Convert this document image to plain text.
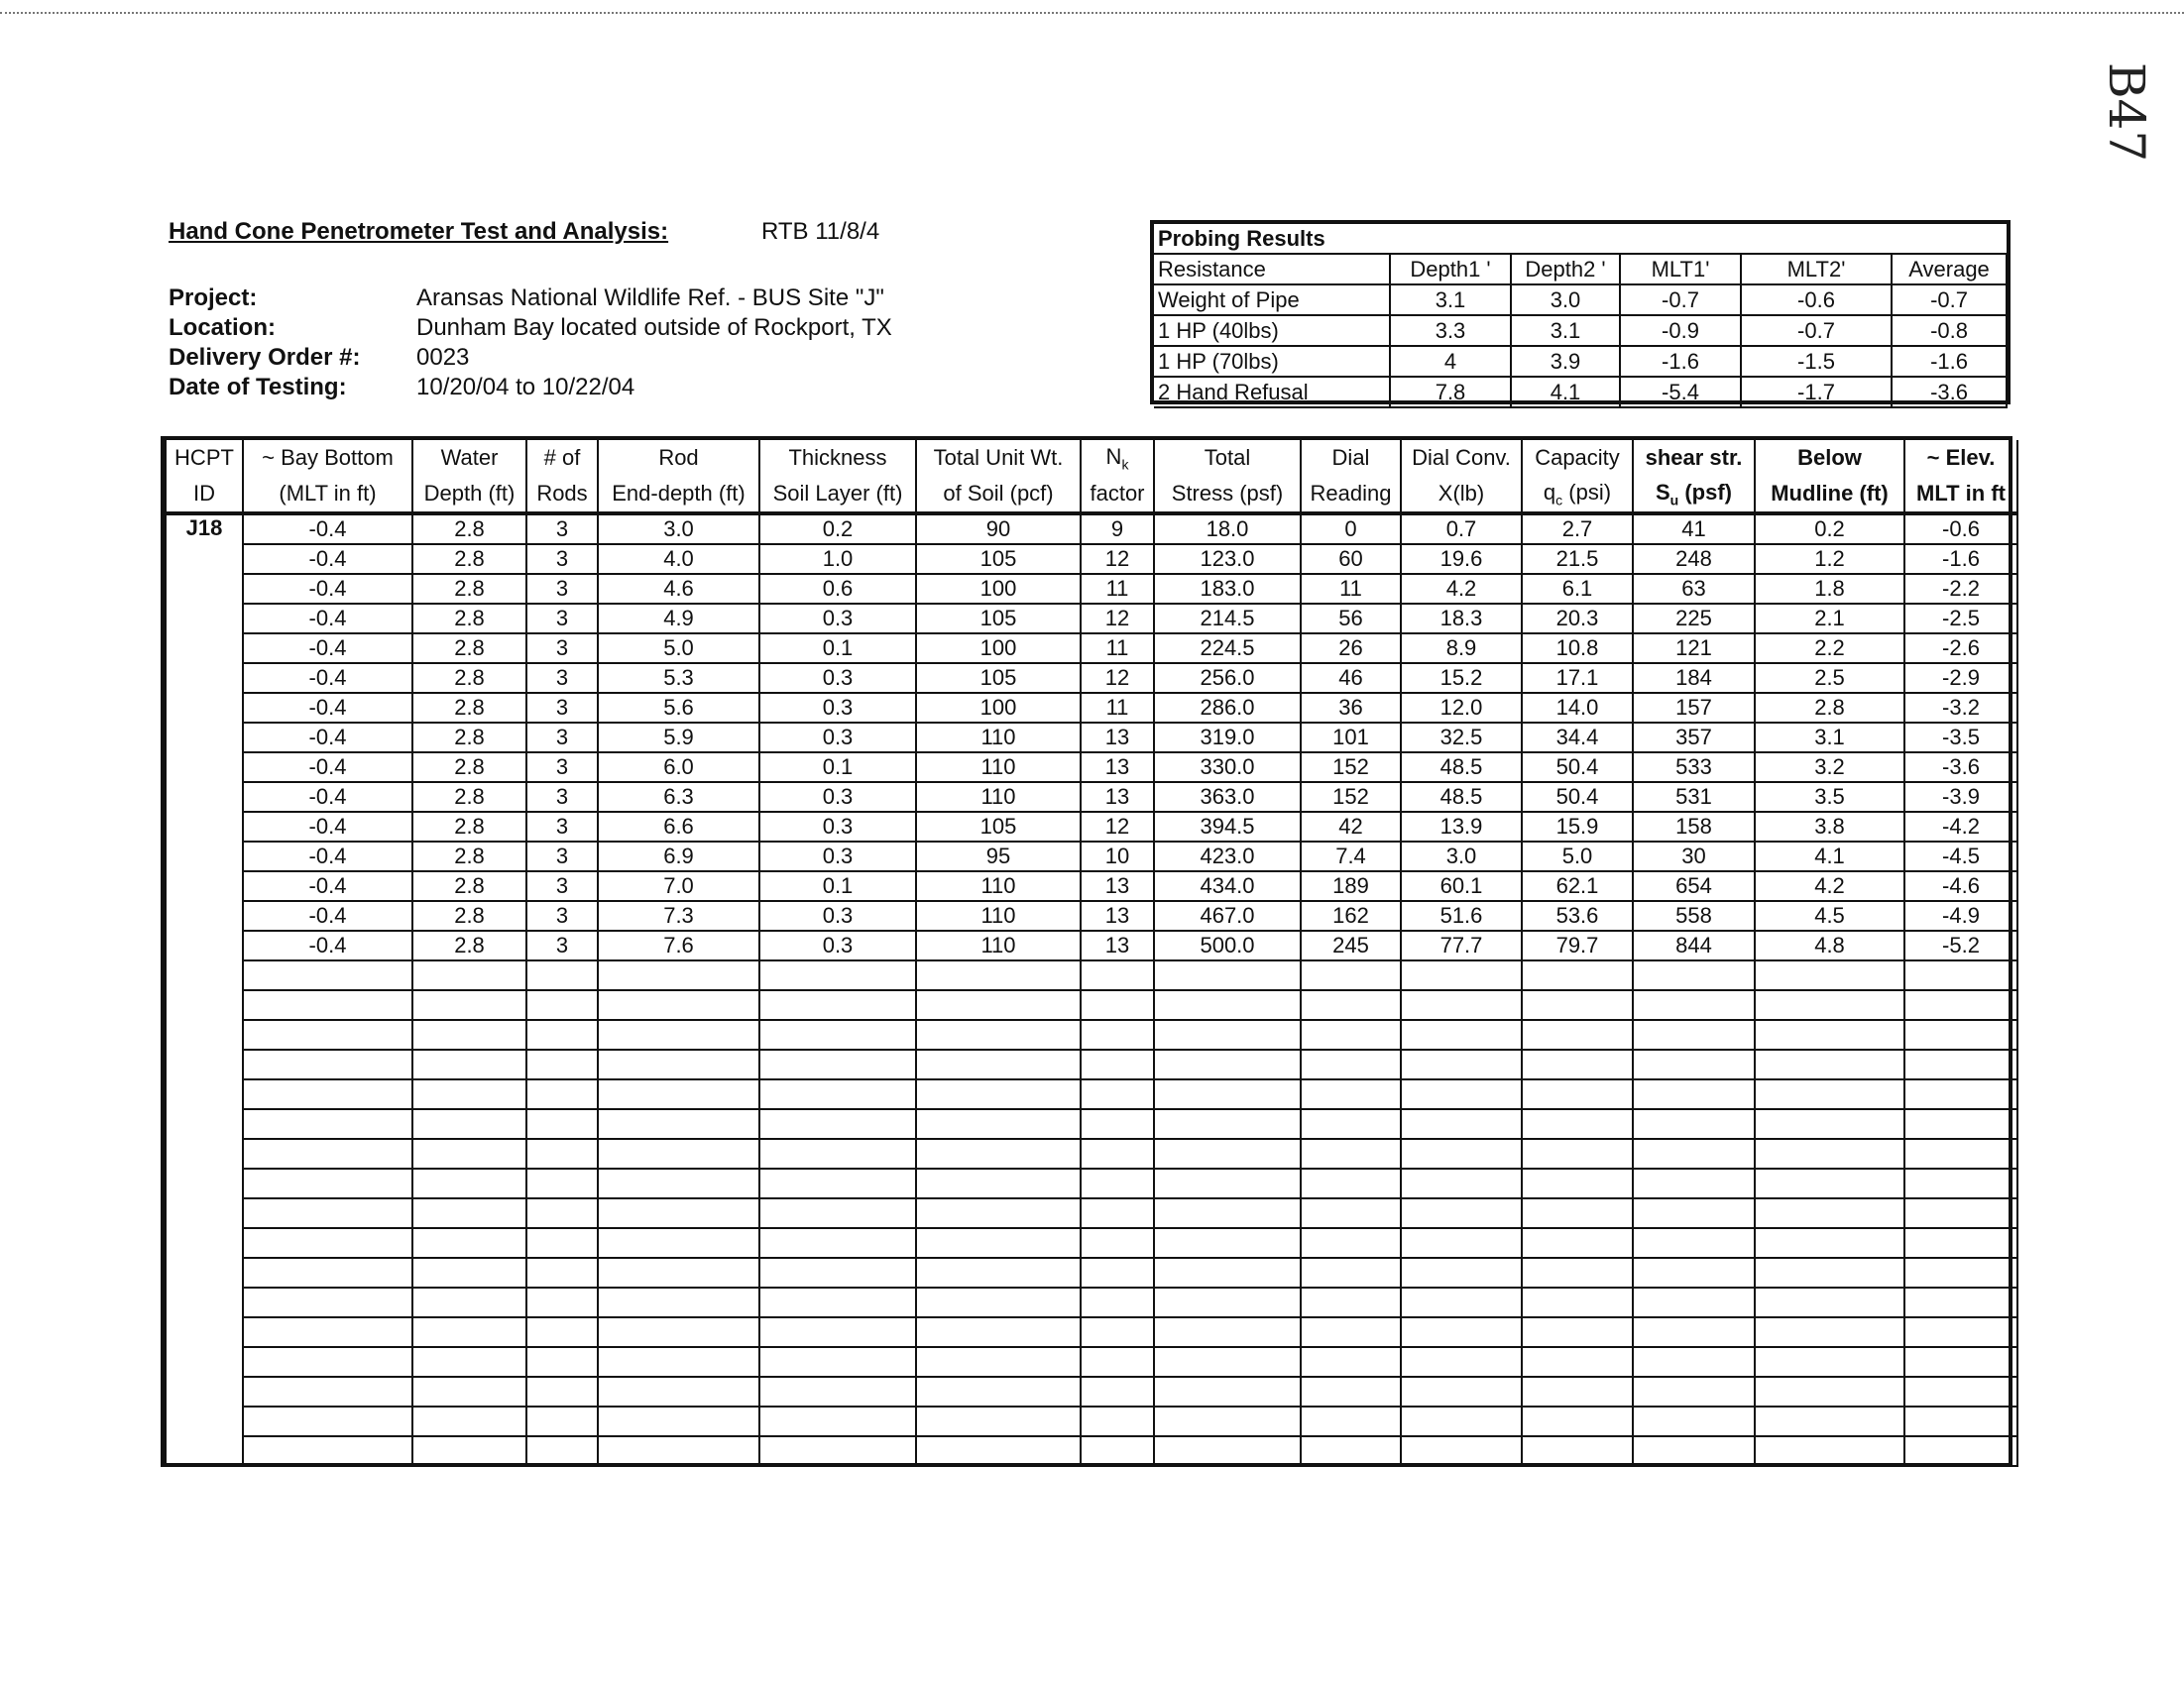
B47
Hand Cone Penetrometer Test and Analysis:	RTB 11/8/4
Project:	Aransas National Wildlife Ref. - BUS Site "J"
Location:	Dunham Bay located outside of Rockport, TX
Delivery Order #:	0023
Date of Testing:	10/20/04 to 10/22/04
Probing Results					
Resistance	Depth1 '	Depth2 '	MLT1'	MLT2'	Average
Weight of Pipe	3.1	3.0	-0.7	-0.6	-0.7
1 HP (40lbs)	3.3	3.1	-0.9	-0.7	-0.8
1 HP (70lbs)	4	3.9	-1.6	-1.5	-1.6
2 Hand Refusal	7.8	4.1	-5.4	-1.7	-3.6
HCPT	~ Bay Bottom	Water	# of	Rod	Thickness	Total Unit Wt.	$N_k$	Total	Dial	Dial Conv.	Capacity	shear str.	Below	~ Elev.
ID	(MLT in ft)	Depth (ft)	Rods	End-depth (ft)	Soil Layer (ft)	of Soil (pcf)	factor	Stress (psf)	Reading	X(lb)	$q_c$ (psi)	$S_u$ (psf)	Mudline (ft)	MLT in ft
J18	-0.4	2.8	3	3.0	0.2	90	9	18.0	0	0.7	2.7	41	0.2	-0.6
	-0.4	2.8	3	4.0	1.0	105	12	123.0	60	19.6	21.5	248	1.2	-1.6
	-0.4	2.8	3	4.6	0.6	100	11	183.0	11	4.2	6.1	63	1.8	-2.2
	-0.4	2.8	3	4.9	0.3	105	12	214.5	56	18.3	20.3	225	2.1	-2.5
	-0.4	2.8	3	5.0	0.1	100	11	224.5	26	8.9	10.8	121	2.2	-2.6
	-0.4	2.8	3	5.3	0.3	105	12	256.0	46	15.2	17.1	184	2.5	-2.9
	-0.4	2.8	3	5.6	0.3	100	11	286.0	36	12.0	14.0	157	2.8	-3.2
	-0.4	2.8	3	5.9	0.3	110	13	319.0	101	32.5	34.4	357	3.1	-3.5
	-0.4	2.8	3	6.0	0.1	110	13	330.0	152	48.5	50.4	533	3.2	-3.6
	-0.4	2.8	3	6.3	0.3	110	13	363.0	152	48.5	50.4	531	3.5	-3.9
	-0.4	2.8	3	6.6	0.3	105	12	394.5	42	13.9	15.9	158	3.8	-4.2
	-0.4	2.8	3	6.9	0.3	95	10	423.0	7.4	3.0	5.0	30	4.1	-4.5
	-0.4	2.8	3	7.0	0.1	110	13	434.0	189	60.1	62.1	654	4.2	-4.6
	-0.4	2.8	3	7.3	0.3	110	13	467.0	162	51.6	53.6	558	4.5	-4.9
	-0.4	2.8	3	7.6	0.3	110	13	500.0	245	77.7	79.7	844	4.8	-5.2
